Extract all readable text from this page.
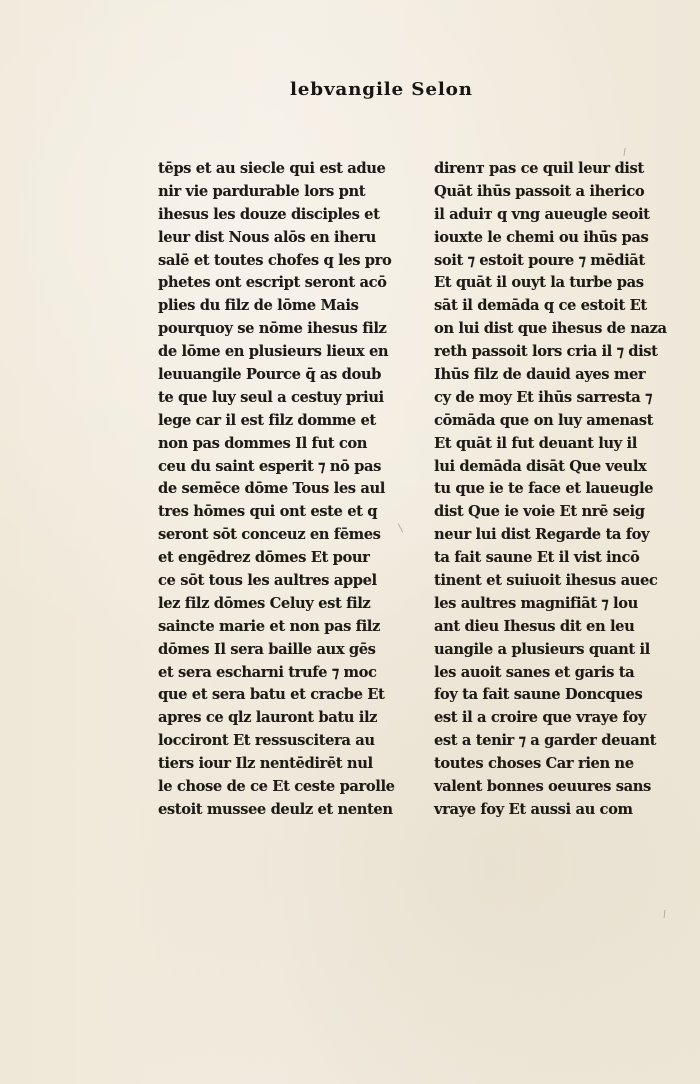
lebvangile Selon
tēps et au siecle qui est adue
nir vie pardurable lors pnt
ihesus les douze disciples et
leur dist Nous alōs en iheru
salē et toutes chofes q les pro
phetes ont escript seront acō
plies du filz de lōme Mais
pourquoy se nōme ihesus filz
de lōme en plusieurs lieux en
leuuangile Pource q̄ as doub
te que luy seul a cestuy priui
lege car il est filz domme et
non pas dommes Il fut con
ceu du saint esperit ⁊ nō pas
de semēce dōme Tous les aul
tres hōmes qui ont este et q
seront sōt conceuz en fēmes
et engēdrez dōmes Et pour
ce sōt tous les aultres appel
lez filz dōmes Celuy est filz
saincte marie et non pas filz
dōmes Il sera baille aux gēs
et sera escharni trufe ⁊ moc
que et sera batu et cracbe Et
apres ce qlz lauront batu ilz
locciront Et ressuscitera au
tiers iour Ilz nentēdirēt nul
le chose de ce Et ceste parolle
estoit mussee deulz et nenten
direnт pas ce quil leur dist
Quāt ihūs passoit a iherico
il aduiт q vng aueugle seoit
iouxte le chemi ou ihūs pas
soit ⁊ estoit poure ⁊ mēdiāt
Et quāt il ouyt la turbe pas
sāt il demāda q ce estoit Et
on lui dist que ihesus de naza
reth passoit lors cria il ⁊ dist
Ihūs filz de dauid ayes mer
cy de moy Et ihūs sarresta ⁊
cōmāda que on luy amenast
Et quāt il fut deuant luy il
lui demāda disāt Que veulx
tu que ie te face et laueugle
dist Que ie voie Et nrē seig
neur lui dist Regarde ta foy
ta fait saune Et il vist incō
tinent et suiuoit ihesus auec
les aultres magnifiāt ⁊ lou
ant dieu Ihesus dit en leu
uangile a plusieurs quant il
les auoit sanes et garis ta
foy ta fait saune Doncques
est il a croire que vraye foy
est a tenir ⁊ a garder deuant
toutes choses Car rien ne
valent bonnes oeuures sans
vraye foy Et aussi au com
